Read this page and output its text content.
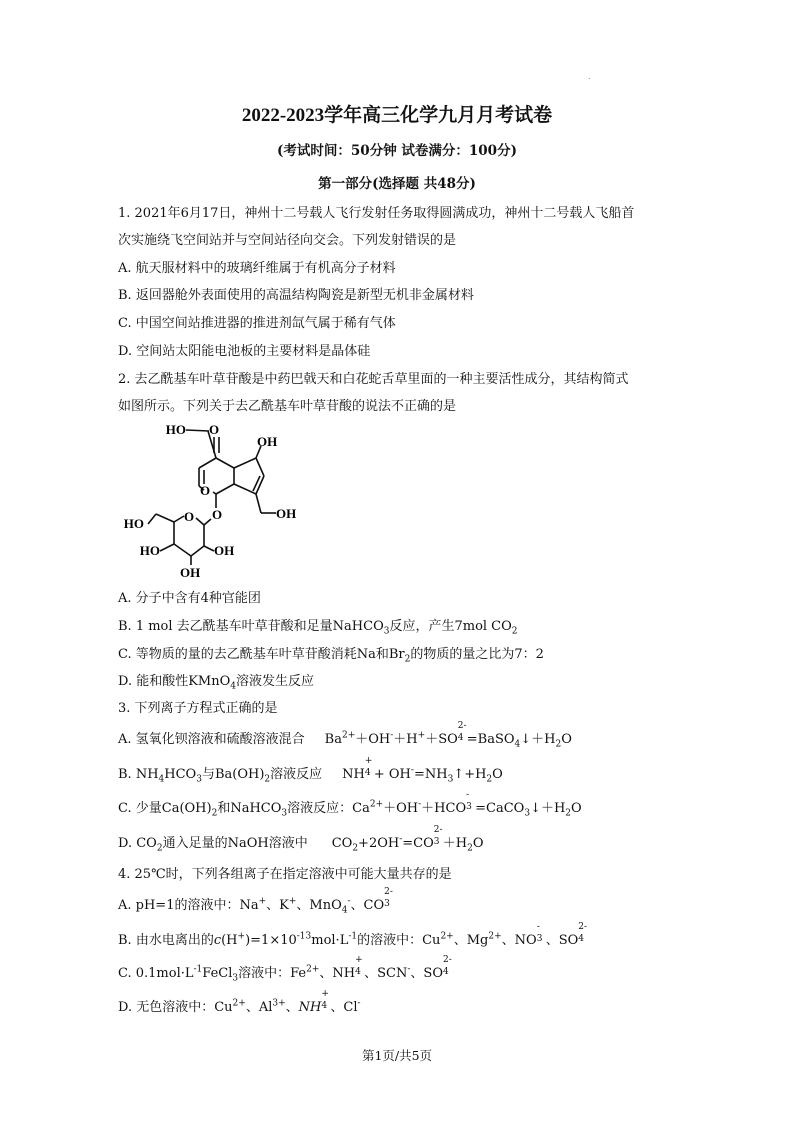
.
2022-2023学年高三化学九月月考试卷
(考试时间：50分钟 试卷满分：100分)
第一部分(选择题 共48分)
1. 2021年6月17日，神州十二号载人飞行发射任务取得圆满成功，神州十二号载人飞船首
次实施绕飞空间站并与空间站径向交会。下列发射错误的是
A. 航天服材料中的玻璃纤维属于有机高分子材料
B. 返回器舱外表面使用的高温结构陶瓷是新型无机非金属材料
C. 中国空间站推进器的推进剂氙气属于稀有气体
D. 空间站太阳能电池板的主要材料是晶体硅
2. 去乙酰基车叶草苷酸是中药巴戟天和白花蛇舌草里面的一种主要活性成分，其结构简式
如图所示。下列关于去乙酰基车叶草苷酸的说法不正确的是
HO O
OH
O
O	OH
HO	O
HO	OH
OH
A. 分子中含有4种官能团
B. 1 mol 去乙酰基车叶草苷酸和足量NaHCO$_3$反应，产生7mol $CO_2$
C. 等物质的量的去乙酰基车叶草苷酸消耗Na和$Br_2$的物质的量之比为7：2
D. 能和酸性KMnO$_4$溶液发生反应
3. 下列离子方程式正确的是
A. 氢氧化钡溶液和硫酸溶液混合 $Ba^{2+}+OH^-+H^++SO$
2-
$4 =BaSO_4↓+H_2O$
B. $NH_4HCO_3$与$Ba(OH)_2$溶液反应 NH
+
$4 + OH^-=NH_3↑+H_2O$
C. 少量$Ca(OH)_2$和NaHCO$_3$溶液反应：$Ca^{2+}+OH^-+HCO$
-
$3 =CaCO_3↓+H_2O$
D. $CO_2$通入足量的NaOH溶液中 $CO_2+2OH^-=CO$
2-
$3 +H_2O$
4. 25℃时，下列各组离子在指定溶液中可能大量共存的是
A. pH=1的溶液中：Na+、K+、MnO$_4$-、CO
2-
3
B. 由水电离出的$c(H^+)=1\times 10^{-13}mol\cdot L^{-1}$的溶液中：$Cu^{2+}$、$Mg^{2+}$、NO
-
3 、SO
2-
4
C. $0.1mol\cdot L^{-1}FeCl_3$溶液中：$Fe^{2+}$、NH
+
4 、SCN-、SO
2-
4
D. 无色溶液中：$Cu^{2+}$、$Al^{3+}$、NH
+
4 、Cl-
第1页/共5页
